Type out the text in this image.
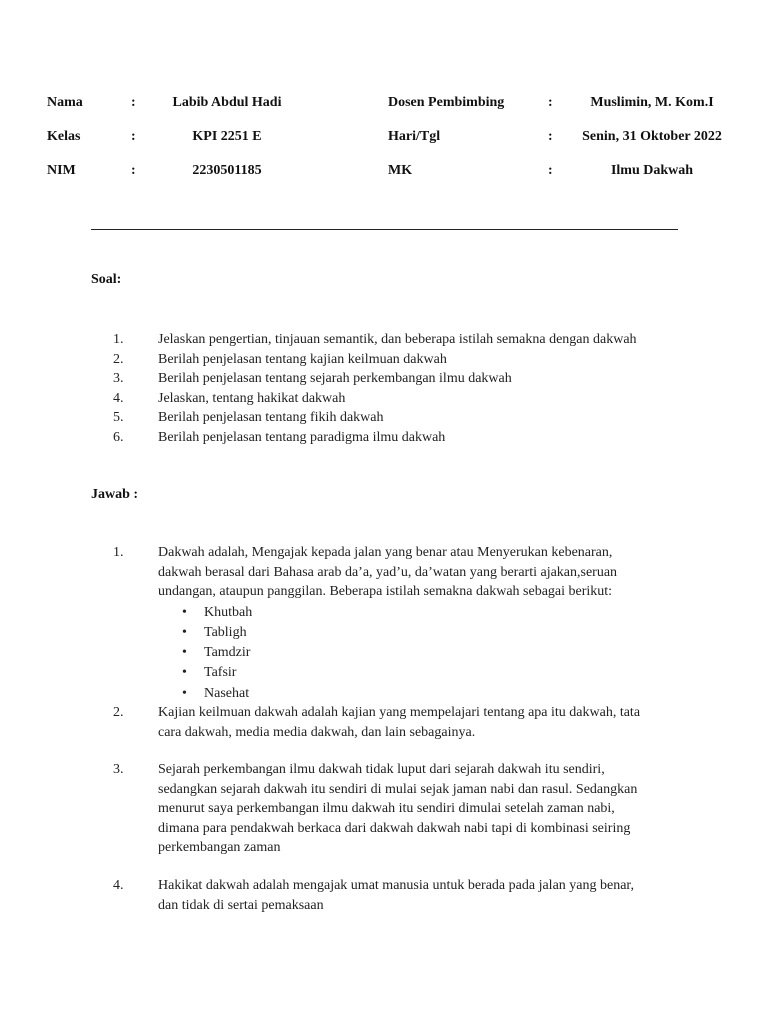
Nama	:	Labib Abdul Hadi	Dosen Pembimbing	:	Muslimin, M. Kom.I
Kelas	:	KPI 2251 E	Hari/Tgl	: Senin, 31 Oktober 2022
NIM	:	2230501185	MK	:	Ilmu Dakwah
Soal:
1. Jelaskan pengertian, tinjauan semantik, dan beberapa istilah semakna dengan dakwah
2. Berilah penjelasan tentang kajian keilmuan dakwah
3. Berilah penjelasan tentang sejarah perkembangan ilmu dakwah
4. Jelaskan, tentang hakikat dakwah
5. Berilah penjelasan tentang fikih dakwah
6. Berilah penjelasan tentang paradigma ilmu dakwah
Jawab :
1. Dakwah adalah, Mengajak kepada jalan yang benar atau Menyerukan kebenaran,
dakwah berasal dari Bahasa arab da’a, yad’u, da’watan yang berarti ajakan,seruan
undangan, ataupun panggilan. Beberapa istilah semakna dakwah sebagai berikut:
• Khutbah
• Tabligh
• Tamdzir
• Tafsir
• Nasehat
2. Kajian keilmuan dakwah adalah kajian yang mempelajari tentang apa itu dakwah, tata
cara dakwah, media media dakwah, dan lain sebagainya.
3. Sejarah perkembangan ilmu dakwah tidak luput dari sejarah dakwah itu sendiri,
sedangkan sejarah dakwah itu sendiri di mulai sejak jaman nabi dan rasul. Sedangkan
menurut saya perkembangan ilmu dakwah itu sendiri dimulai setelah zaman nabi,
dimana para pendakwah berkaca dari dakwah dakwah nabi tapi di kombinasi seiring
perkembangan zaman
4. Hakikat dakwah adalah mengajak umat manusia untuk berada pada jalan yang benar,
dan tidak di sertai pemaksaan
